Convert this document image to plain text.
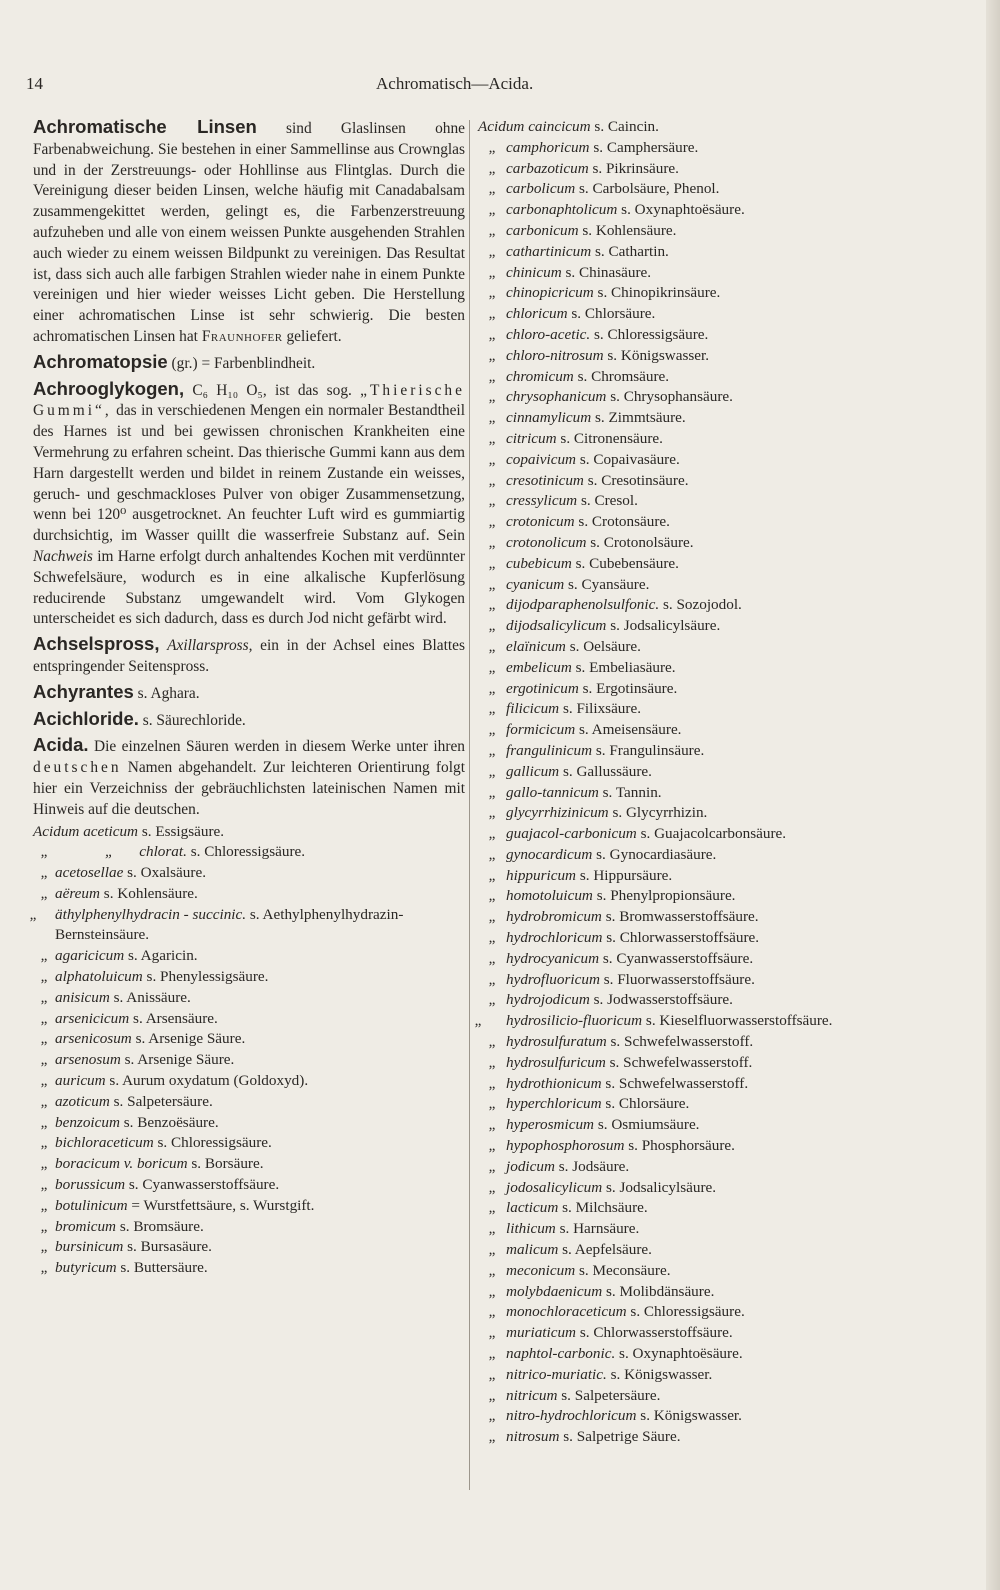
14	Achromatisch—Acida.
Achromatische Linsen sind Glaslinsen ohne Farbenabweichung. Sie bestehen in einer Sammellinse aus Crownglas und in der Zerstreuungs- oder Hohllinse aus Flintglas. Durch die Vereinigung dieser beiden Linsen, welche häufig mit Canadabalsam zusammengekittet werden, gelingt es, die Farbenzerstreuung aufzuheben und alle von einem weissen Punkte ausgehenden Strahlen auch wieder zu einem weissen Bildpunkt zu vereinigen. Das Resultat ist, dass sich auch alle farbigen Strahlen wieder nahe in einem Punkte vereinigen und hier wieder weisses Licht geben. Die Herstellung einer achromatischen Linse ist sehr schwierig. Die besten achromatischen Linsen hat Fraunhofer geliefert.
Achromatopsie (gr.) = Farbenblindheit.
Achrooglykogen, C₆ H₁₀ O₅, ist das sog. „Thierische Gummi“, das in verschiedenen Mengen ein normaler Bestandtheil des Harnes ist und bei gewissen chronischen Krankheiten eine Vermehrung zu erfahren scheint. Das thierische Gummi kann aus dem Harn dargestellt werden und bildet in reinem Zustande ein weisses, geruch- und geschmackloses Pulver von obiger Zusammensetzung, wenn bei 120⁰ ausgetrocknet. An feuchter Luft wird es gummiartig durchsichtig, im Wasser quillt die wasserfreie Substanz auf. Sein Nachweis im Harne erfolgt durch anhaltendes Kochen mit verdünnter Schwefelsäure, wodurch es in eine alkalische Kupferlösung reducirende Substanz umgewandelt wird. Vom Glykogen unterscheidet es sich dadurch, dass es durch Jod nicht gefärbt wird.
Achselspross, Axillarspross, ein in der Achsel eines Blattes entspringender Seitenspross.
Achyrantes s. Aghara.
Acichloride. s. Säurechloride.
Acida. Die einzelnen Säuren werden in diesem Werke unter ihren deutschen Namen abgehandelt. Zur leichteren Orientirung folgt hier ein Verzeichniss der gebräuchlichsten lateinischen Namen mit Hinweis auf die deutschen.
Acidum aceticum s. Essigsäure.
„	„ chlorat. s. Chloressigsäure.
„ acetosellae s. Oxalsäure.
„ aëreum s. Kohlensäure.
„ äthylphenylhydracin - succinic. s. Aethylphenylhydrazin-Bernsteinsäure.
„ agaricicum s. Agaricin.
„ alphatoluicum s. Phenylessigsäure.
„ anisicum s. Anissäure.
„ arsenicicum s. Arsensäure.
„ arsenicosum s. Arsenige Säure.
„ arsenosum s. Arsenige Säure.
„ auricum s. Aurum oxydatum (Goldoxyd).
„ azoticum s. Salpetersäure.
„ benzoicum s. Benzoësäure.
„ bichloraceticum s. Chloressigsäure.
„ boracicum v. boricum s. Borsäure.
„ borussicum s. Cyanwasserstoffsäure.
„ botulinicum = Wurstfettsäure, s. Wurstgift.
„ bromicum s. Bromsäure.
„ bursinicum s. Bursasäure.
„ butyricum s. Buttersäure.
Acidum caincicum s. Caincin.
„ camphoricum s. Camphersäure.
„ carbazoticum s. Pikrinsäure.
„ carbolicum s. Carbolsäure, Phenol.
„ carbonaphtolicum s. Oxynaphtoësäure.
„ carbonicum s. Kohlensäure.
„ cathartinicum s. Cathartin.
„ chinicum s. Chinasäure.
„ chinopicricum s. Chinopikrinsäure.
„ chloricum s. Chlorsäure.
„ chloro-acetic. s. Chloressigsäure.
„ chloro-nitrosum s. Königswasser.
„ chromicum s. Chromsäure.
„ chrysophanicum s. Chrysophansäure.
„ cinnamylicum s. Zimmtsäure.
„ citricum s. Citronensäure.
„ copaivicum s. Copaivasäure.
„ cresotinicum s. Cresotinsäure.
„ cressylicum s. Cresol.
„ crotonicum s. Crotonsäure.
„ crotonolicum s. Crotonolsäure.
„ cubebicum s. Cubebensäure.
„ cyanicum s. Cyansäure.
„ dijodparaphenolsulfonic. s. Sozojodol.
„ dijodsalicylicum s. Jodsalicylsäure.
„ elaïnicum s. Oelsäure.
„ embelicum s. Embeliasäure.
„ ergotinicum s. Ergotinsäure.
„ filicicum s. Filixsäure.
„ formicicum s. Ameisensäure.
„ frangulinicum s. Frangulinsäure.
„ gallicum s. Gallussäure.
„ gallo-tannicum s. Tannin.
„ glycyrrhizinicum s. Glycyrrhizin.
„ guajacol-carbonicum s. Guajacolcarbonsäure.
„ gynocardicum s. Gynocardiasäure.
„ hippuricum s. Hippursäure.
„ homotoluicum s. Phenylpropionsäure.
„ hydrobromicum s. Bromwasserstoffsäure.
„ hydrochloricum s. Chlorwasserstoffsäure.
„ hydrocyanicum s. Cyanwasserstoffsäure.
„ hydrofluoricum s. Fluorwasserstoffsäure.
„ hydrojodicum s. Jodwasserstoffsäure.
„ hydrosilicio-fluoricum s. Kieselfluorwasserstoffsäure.
„ hydrosulfuratum s. Schwefelwasserstoff.
„ hydrosulfuricum s. Schwefelwasserstoff.
„ hydrothionicum s. Schwefelwasserstoff.
„ hyperchloricum s. Chlorsäure.
„ hyperosmicum s. Osmiumsäure.
„ hypophosphorosum s. Phosphorsäure.
„ jodicum s. Jodsäure.
„ jodosalicylicum s. Jodsalicylsäure.
„ lacticum s. Milchsäure.
„ lithicum s. Harnsäure.
„ malicum s. Aepfelsäure.
„ meconicum s. Meconsäure.
„ molybdaenicum s. Molibdänsäure.
„ monochloraceticum s. Chloressigsäure.
„ muriaticum s. Chlorwasserstoffsäure.
„ naphtol-carbonic. s. Oxynaphtoësäure.
„ nitrico-muriatic. s. Königswasser.
„ nitricum s. Salpetersäure.
„ nitro-hydrochloricum s. Königswasser.
„ nitrosum s. Salpetrige Säure.
